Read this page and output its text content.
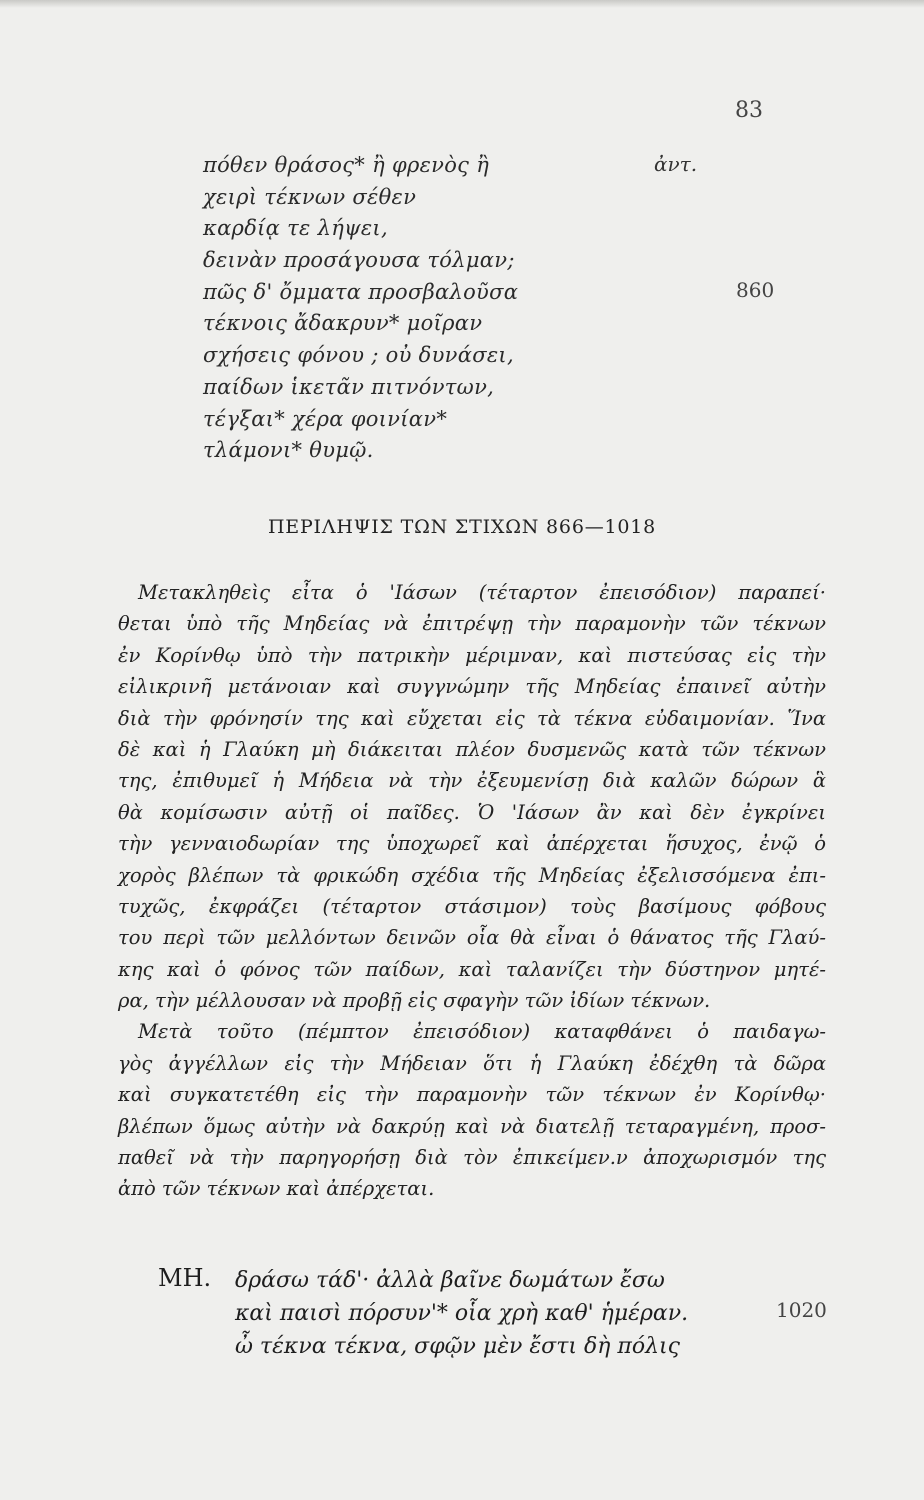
83
πόθεν θράσος* ἢ φρενὸς ἢ
χειρὶ τέκνων σέθεν
καρδίᾳ τε λήψει,
δεινὰν προσάγουσα τόλμαν;
πῶς δ' ὄμματα προσβαλοῦσα
τέκνοις ἄδακρυν* μοῖραν
σχήσεις φόνου ; οὐ δυνάσει,
παίδων ἱκετᾶν πιτνόντων,
τέγξαι* χέρα φοινίαν*
τλάμονι* θυμῷ.
ἀντ.
860
ΠΕΡΙΛΗΨΙΣ ΤΩΝ ΣΤΙΧΩΝ 866—1018
Μετακληθεὶς εἶτα ὁ 'Ιάσων (τέταρτον ἐπεισόδιον) παραπεί·
θεται ὑπὸ τῆς Μηδείας νὰ ἐπιτρέψῃ τὴν παραμονὴν τῶν τέκνων
ἐν Κορίνθῳ ὑπὸ τὴν πατρικὴν μέριμναν, καὶ πιστεύσας εἰς τὴν
εἰλικρινῆ μετάνοιαν καὶ συγγνώμην τῆς Μηδείας ἐπαινεῖ αὐτὴν
διὰ τὴν φρόνησίν της καὶ εὔχεται εἰς τὰ τέκνα εὐδαιμονίαν. Ἵνα
δὲ καὶ ἡ Γλαύκη μὴ διάκειται πλέον δυσμενῶς κατὰ τῶν τέκνων
της, ἐπιθυμεῖ ἡ Μήδεια νὰ τὴν ἐξευμενίσῃ διὰ καλῶν δώρων ἃ
θὰ κομίσωσιν αὐτῇ οἱ παῖδες. Ὁ 'Ιάσων ἂν καὶ δὲν ἐγκρίνει
τὴν γενναιοδωρίαν της ὑποχωρεῖ καὶ ἀπέρχεται ἥσυχος, ἐνῷ ὁ
χορὸς βλέπων τὰ φρικώδη σχέδια τῆς Μηδείας ἐξελισσόμενα ἐπι-
τυχῶς, ἐκφράζει (τέταρτον στάσιμον) τοὺς βασίμους φόβους
του περὶ τῶν μελλόντων δεινῶν οἷα θὰ εἶναι ὁ θάνατος τῆς Γλαύ-
κης καὶ ὁ φόνος τῶν παίδων, καὶ ταλανίζει τὴν δύστηνον μητέ-
ρα, τὴν μέλλουσαν νὰ προβῇ εἰς σφαγὴν τῶν ἰδίων τέκνων.
Μετὰ τοῦτο (πέμπτον ἐπεισόδιον) καταφθάνει ὁ παιδαγω-
γὸς ἀγγέλλων εἰς τὴν Μήδειαν ὅτι ἡ Γλαύκη ἐδέχθη τὰ δῶρα
καὶ συγκατετέθη εἰς τὴν παραμονὴν τῶν τέκνων ἐν Κορίνθῳ·
βλέπων ὅμως αὐτὴν νὰ δακρύῃ καὶ νὰ διατελῇ τεταραγμένη, προσ-
παθεῖ νὰ τὴν παρηγορήσῃ διὰ τὸν ἐπικείμεν.ν ἀποχωρισμόν της
ἀπὸ τῶν τέκνων καὶ ἀπέρχεται.
ΜΗ. δράσω τάδ'· ἀλλὰ βαῖνε δωμάτων ἔσω
καὶ παισὶ πόρσυν'* οἷα χρὴ καθ' ἡμέραν.
ὦ τέκνα τέκνα, σφῷν μὲν ἔστι δὴ πόλις
1020
